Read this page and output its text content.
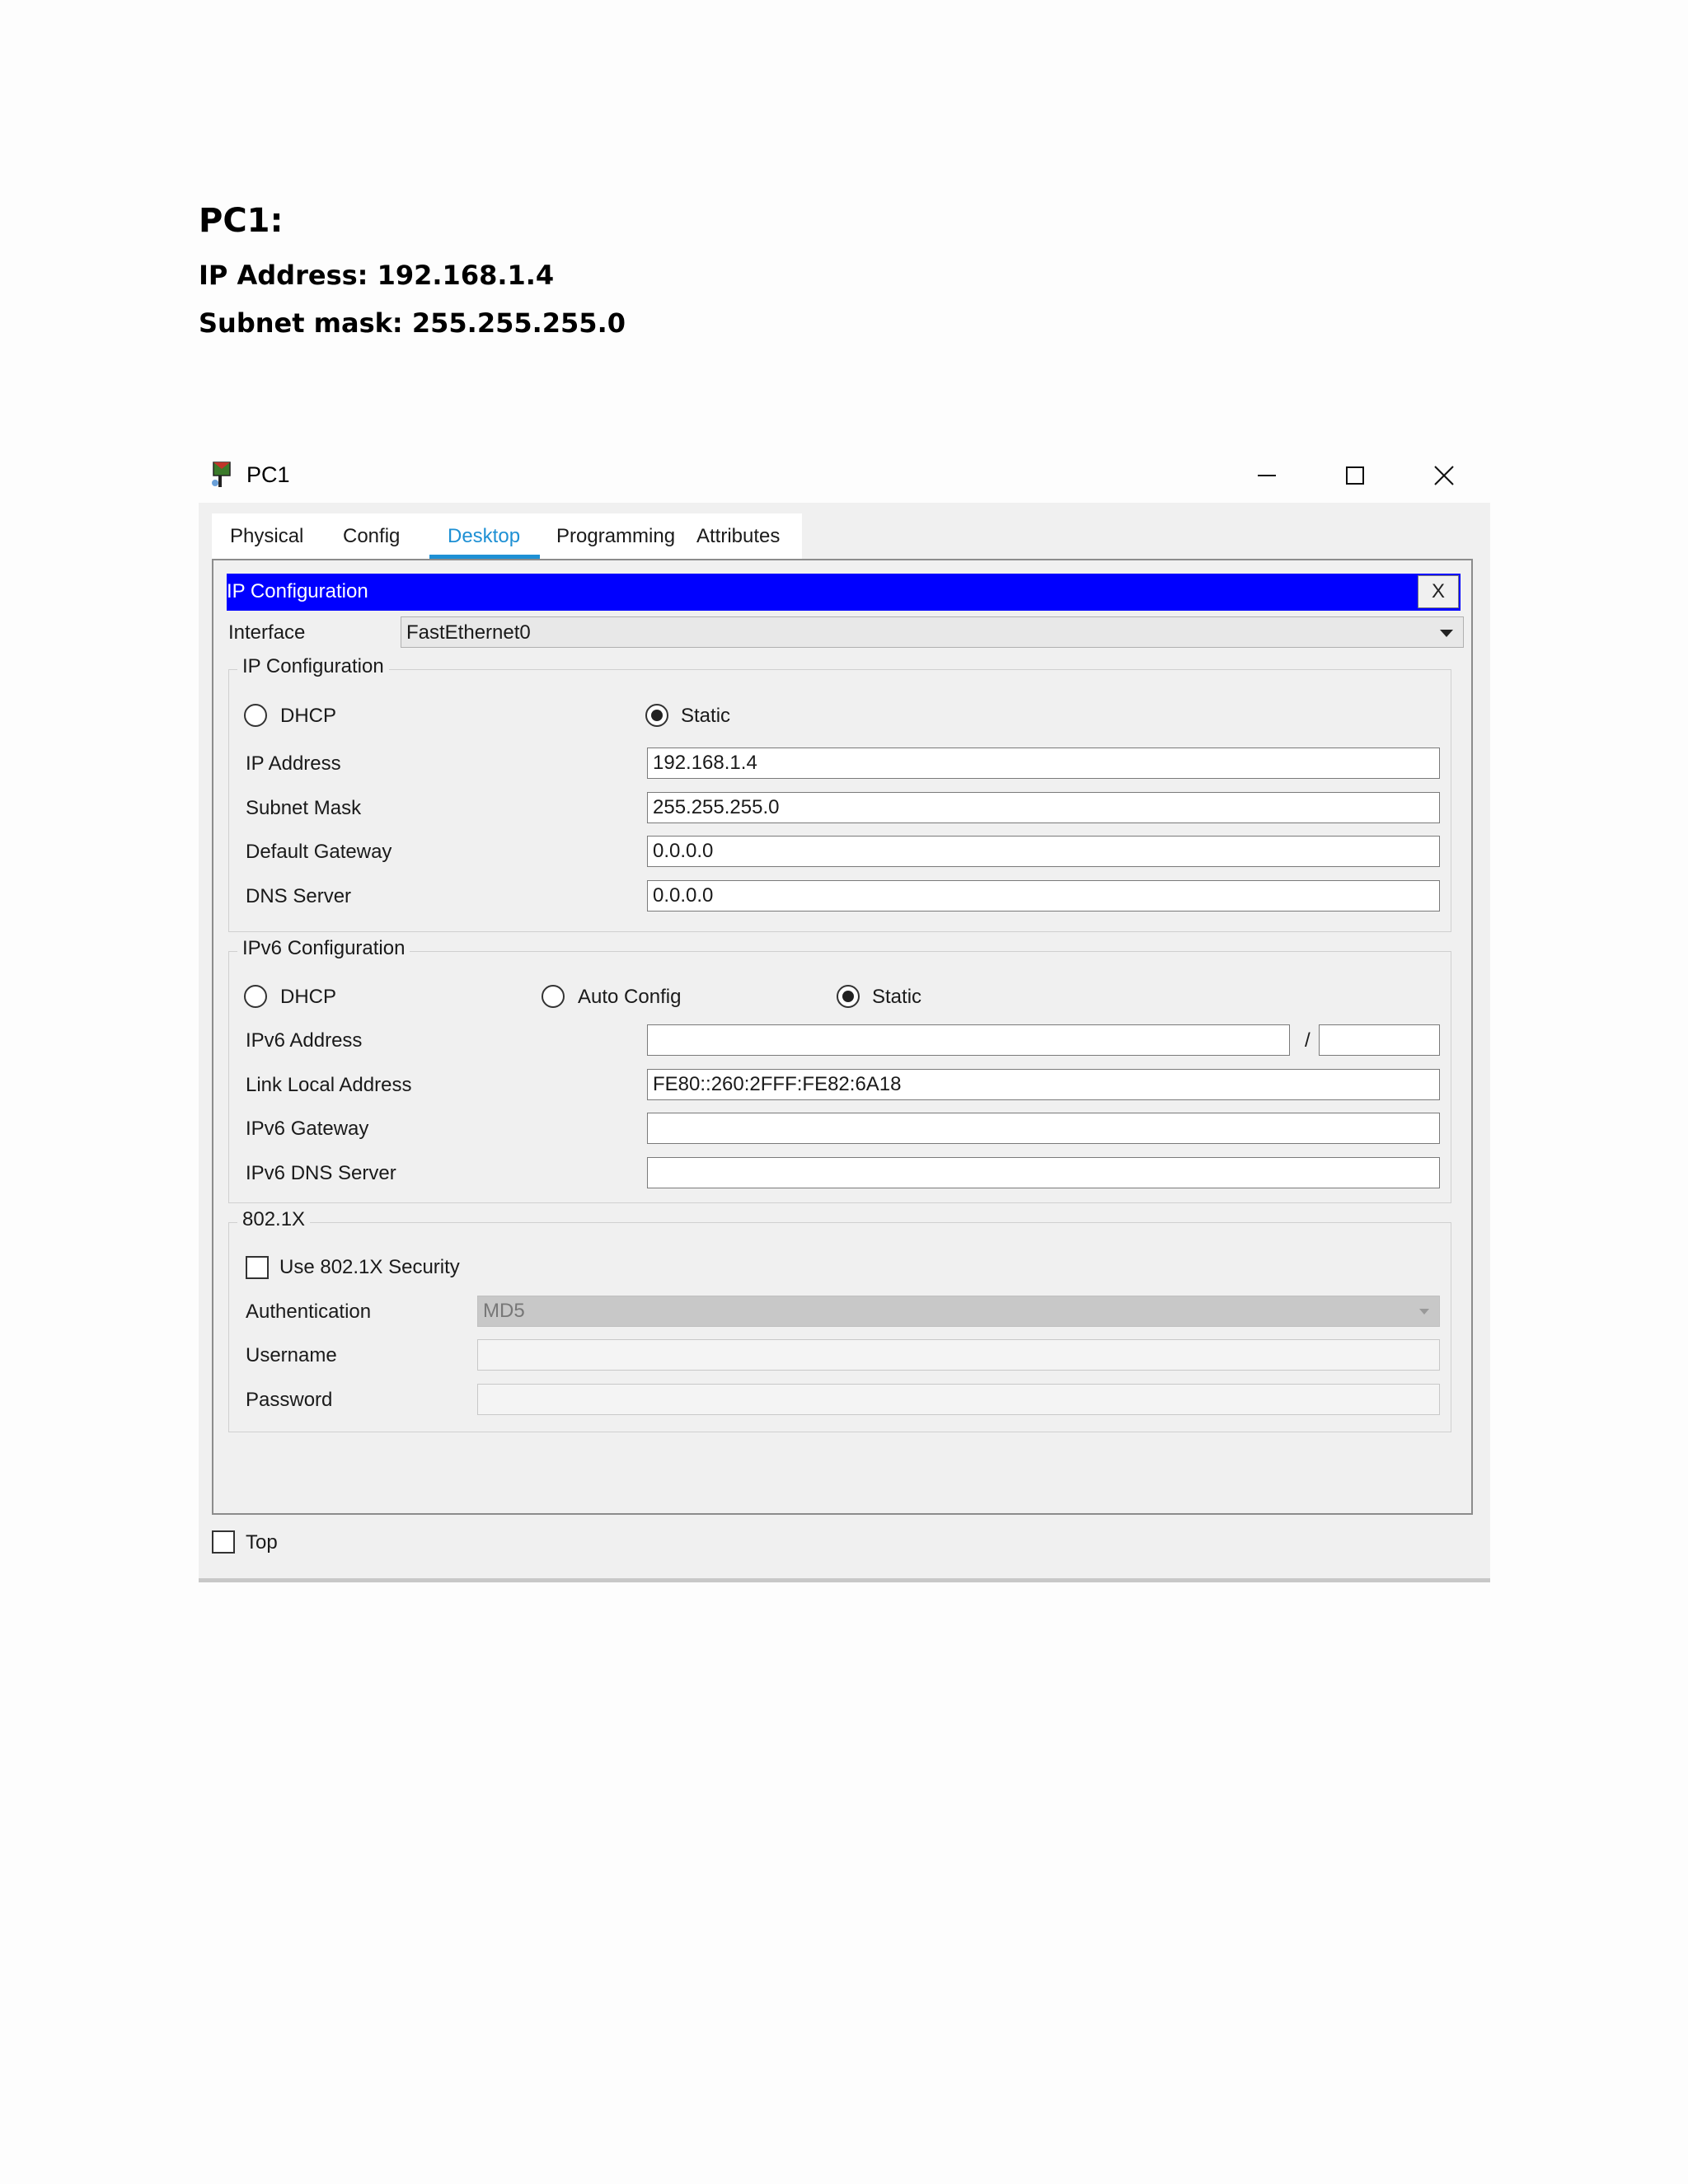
PC1:
IP Address: 192.168.1.4
Subnet mask: 255.255.255.0
PC1
Physical Config Desktop Programming Attributes
IP Configuration	X
Interface	FastEthernet0
IP Configuration
DHCP	Static
IP Address	192.168.1.4
Subnet Mask	255.255.255.0
Default Gateway	0.0.0.0
DNS Server	0.0.0.0
IPv6 Configuration
DHCP	Auto Config	Static
IPv6 Address	/
Link Local Address	FE80::260:2FFF:FE82:6A18
IPv6 Gateway
IPv6 DNS Server
802.1X
Use 802.1X Security
Authentication	MD5
Username
Password
Top
